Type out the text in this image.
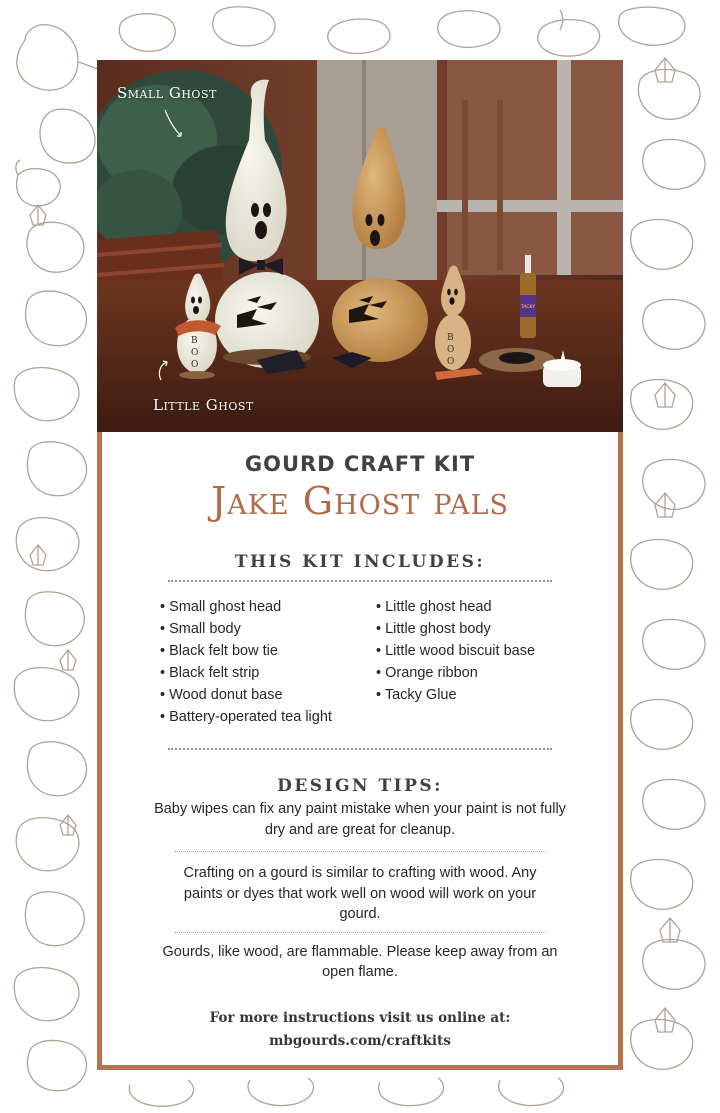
B
O
O
B
O
O
TACKY
Small Ghost
Little Ghost
GOURD CRAFT KIT
Jake Ghost pals
THIS KIT INCLUDES:
• Small ghost head
• Small body
• Black felt bow tie
• Black felt strip
• Wood donut base
• Battery-operated tea light
• Little ghost head
• Little ghost body
• Little wood biscuit base
• Orange ribbon
• Tacky Glue
DESIGN TIPS:
Baby wipes can fix any paint mistake when your paint is not fully dry and are great for cleanup.
Crafting on a gourd is similar to crafting with wood. Any paints or dyes that work well on wood will work on your gourd.
Gourds, like wood, are flammable. Please keep away from an open flame.
For more instructions visit us online at:
mbgourds.com/craftkits
